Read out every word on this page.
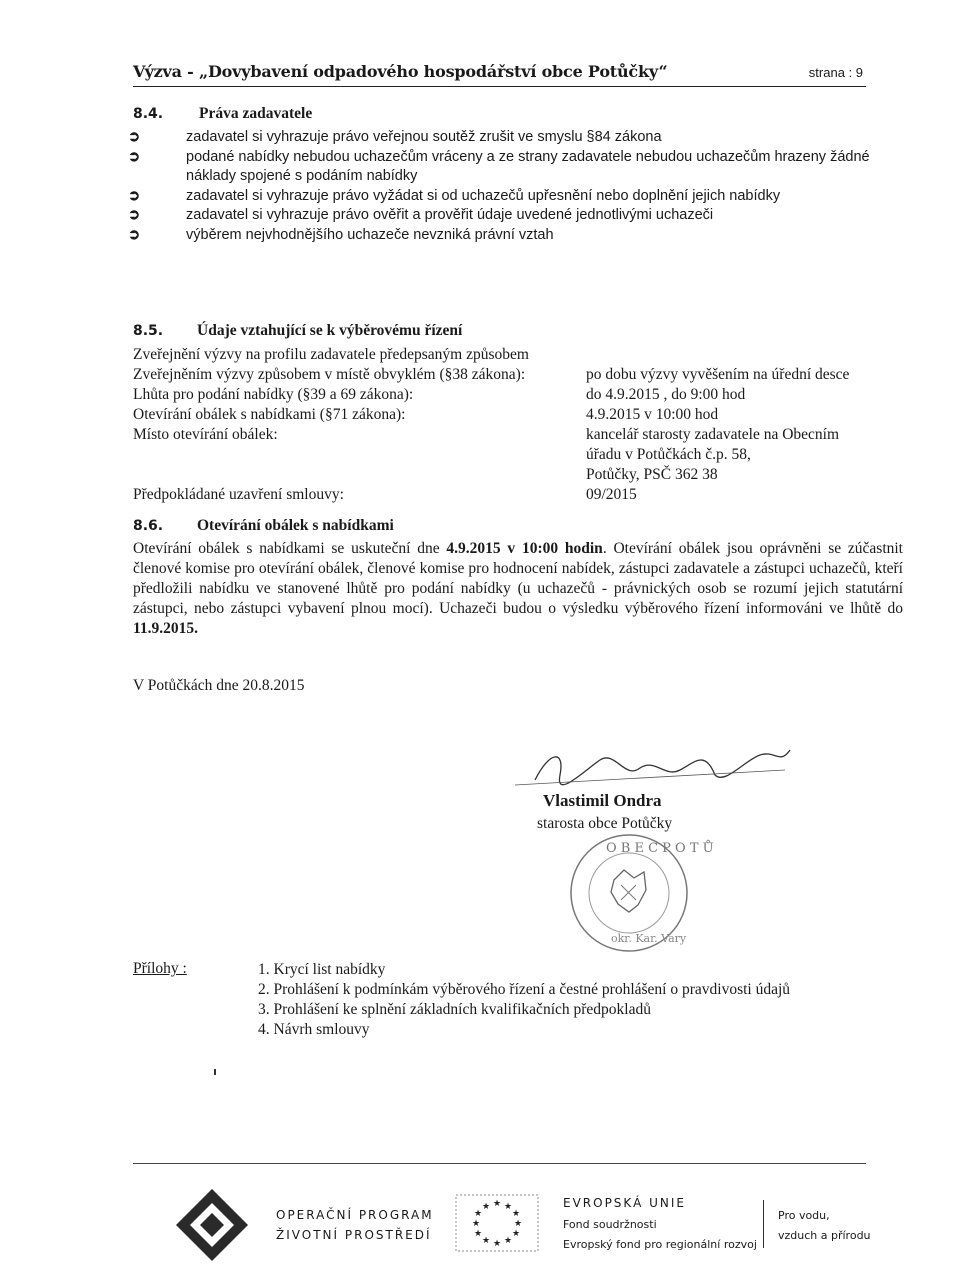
Výzva - „Dovybavení odpadového hospodářství obce Potůčky“	strana : 9
8.4. Práva zadavatele
➲	zadavatel si vyhrazuje právo veřejnou soutěž zrušit ve smyslu §84 zákona
➲	podané nabídky nebudou uchazečům vráceny a ze strany zadavatele nebudou uchazečům hrazeny žádné náklady spojené s podáním nabídky
➲	zadavatel si vyhrazuje právo vyžádat si od uchazečů upřesnění nebo doplnění jejich nabídky
➲	zadavatel si vyhrazuje právo ověřit a prověřit údaje uvedené jednotlivými uchazeči
➲	výběrem nejvhodnějšího uchazeče nevzniká právní vztah
8.5. Údaje vztahující se k výběrovému řízení
Zveřejnění výzvy na profilu zadavatele předepsaným způsobem
Zveřejněním výzvy způsobem v místě obvyklém (§38 zákona):	po dobu výzvy vyvěšením na úřední desce
Lhůta pro podání nabídky (§39 a 69 zákona):	do 4.9.2015 , do 9:00 hod
Otevírání obálek s nabídkami (§71 zákona):	4.9.2015 v 10:00 hod
Místo otevírání obálek:	kancelář starosty zadavatele na Obecním
úřadu v Potůčkách č.p. 58,
Potůčky, PSČ 362 38
Předpokládané uzavření smlouvy:	09/2015
8.6. Otevírání obálek s nabídkami
Otevírání obálek s nabídkami se uskuteční dne 4.9.2015 v 10:00 hodin. Otevírání obálek jsou oprávněni se zúčastnit členové komise pro otevírání obálek, členové komise pro hodnocení nabídek, zástupci zadavatele a zástupci uchazečů, kteří předložili nabídku ve stanovené lhůtě pro podání nabídky (u uchazečů - právnických osob se rozumí jejich statutární zástupci, nebo zástupci vybavení plnou mocí). Uchazeči budou o výsledku výběrového řízení informováni ve lhůtě do 11.9.2015.
V Potůčkách dne 20.8.2015
Vlastimil Ondra
starosta obce Potůčky
O B E C P O T Ů
okr. Kar. Vary
Přílohy :	1. Krycí list nabídky
2. Prohlášení k podmínkám výběrového řízení a čestné prohlášení o pravdivosti údajů
3. Prohlášení ke splnění základních kvalifikačních předpokladů
4. Návrh smlouvy
OPERAČNÍ PROGRAM
ŽIVOTNÍ PROSTŘEDÍ
★ ★
★
★
★
★
★
★
★
★
★
★	EVROPSKÁ UNIE
Fond soudržnosti
Evropský fond pro regionální rozvoj
Pro vodu,
vzduch a přírodu
